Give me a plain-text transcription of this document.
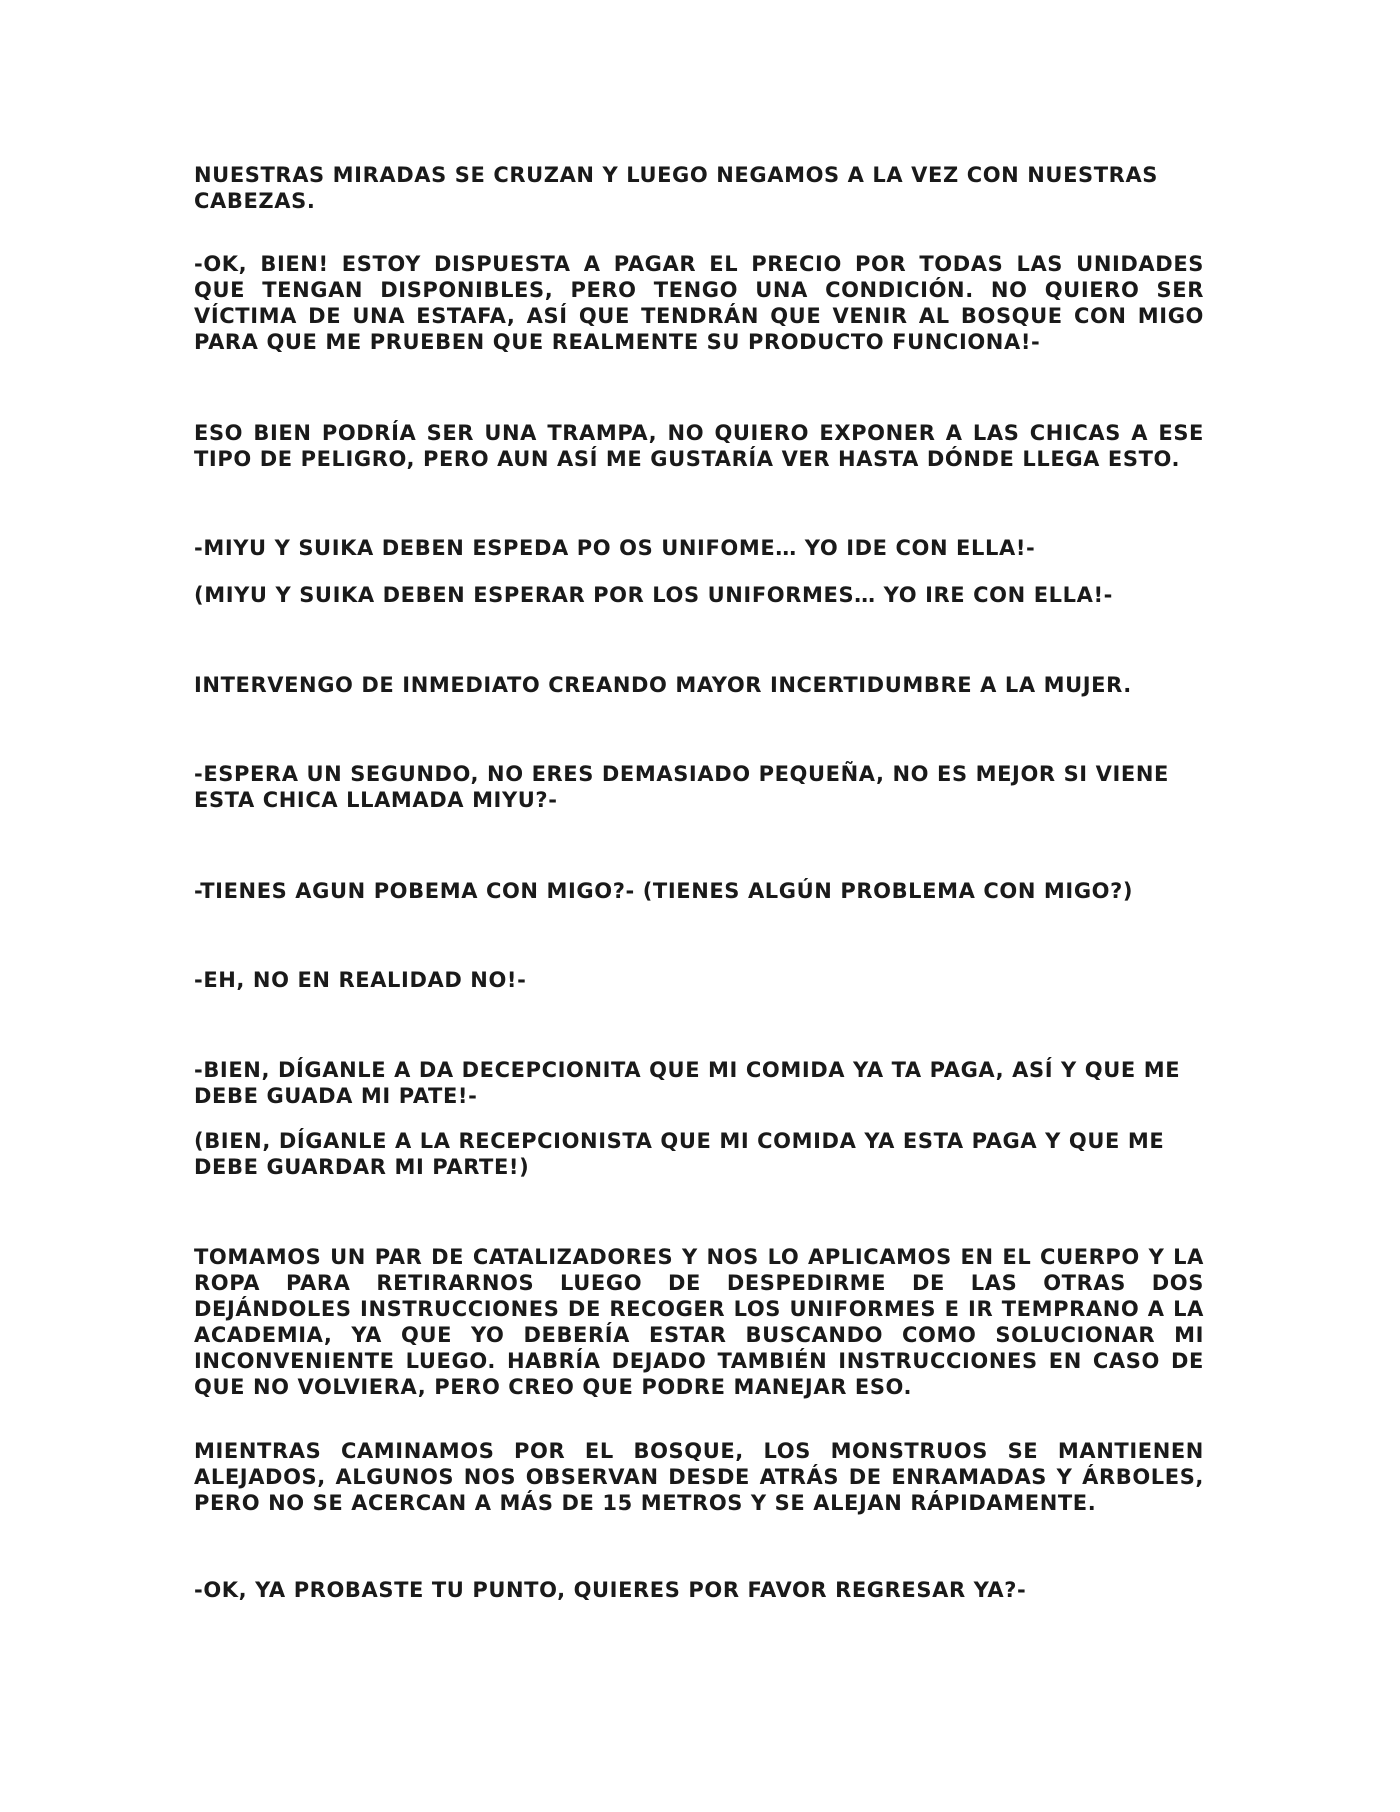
NUESTRAS MIRADAS SE CRUZAN Y LUEGO NEGAMOS A LA VEZ CON NUESTRAS CABEZAS.

-OK, BIEN! ESTOY DISPUESTA A PAGAR EL PRECIO POR TODAS LAS UNIDADES QUE TENGAN DISPONIBLES, PERO TENGO UNA CONDICIÓN. NO QUIERO SER VÍCTIMA DE UNA ESTAFA, ASÍ QUE TENDRÁN QUE VENIR AL BOSQUE CON MIGO PARA QUE ME PRUEBEN QUE REALMENTE SU PRODUCTO FUNCIONA!-

ESO BIEN PODRÍA SER UNA TRAMPA, NO QUIERO EXPONER A LAS CHICAS A ESE TIPO DE PELIGRO, PERO AUN ASÍ ME GUSTARÍA VER HASTA DÓNDE LLEGA ESTO.

-MIYU Y SUIKA DEBEN ESPEDA PO OS UNIFOME… YO IDE CON ELLA!-

(MIYU Y SUIKA DEBEN ESPERAR POR LOS UNIFORMES… YO IRE CON ELLA!-

INTERVENGO DE INMEDIATO CREANDO MAYOR INCERTIDUMBRE A LA MUJER.

-ESPERA UN SEGUNDO, NO ERES DEMASIADO PEQUEÑA, NO ES MEJOR SI VIENE ESTA CHICA LLAMADA MIYU?-

-TIENES AGUN POBEMA CON MIGO?- (TIENES ALGÚN PROBLEMA CON MIGO?)

-EH, NO EN REALIDAD NO!-

-BIEN, DÍGANLE A DA DECEPCIONITA QUE MI COMIDA YA TA PAGA, ASÍ Y QUE ME DEBE GUADA MI PATE!-

(BIEN, DÍGANLE A LA RECEPCIONISTA QUE MI COMIDA YA ESTA PAGA Y QUE ME DEBE GUARDAR MI PARTE!)

TOMAMOS UN PAR DE CATALIZADORES Y NOS LO APLICAMOS EN EL CUERPO Y LA ROPA PARA RETIRARNOS LUEGO DE DESPEDIRME DE LAS OTRAS DOS DEJÁNDOLES INSTRUCCIONES DE RECOGER LOS UNIFORMES E IR TEMPRANO A LA ACADEMIA, YA QUE YO DEBERÍA ESTAR BUSCANDO COMO SOLUCIONAR MI INCONVENIENTE LUEGO. HABRÍA DEJADO TAMBIÉN INSTRUCCIONES EN CASO DE QUE NO VOLVIERA, PERO CREO QUE PODRE MANEJAR ESO.

MIENTRAS CAMINAMOS POR EL BOSQUE, LOS MONSTRUOS SE MANTIENEN ALEJADOS, ALGUNOS NOS OBSERVAN DESDE ATRÁS DE ENRAMADAS Y ÁRBOLES, PERO NO SE ACERCAN A MÁS DE 15 METROS Y SE ALEJAN RÁPIDAMENTE.

-OK, YA PROBASTE TU PUNTO, QUIERES POR FAVOR REGRESAR YA?-
